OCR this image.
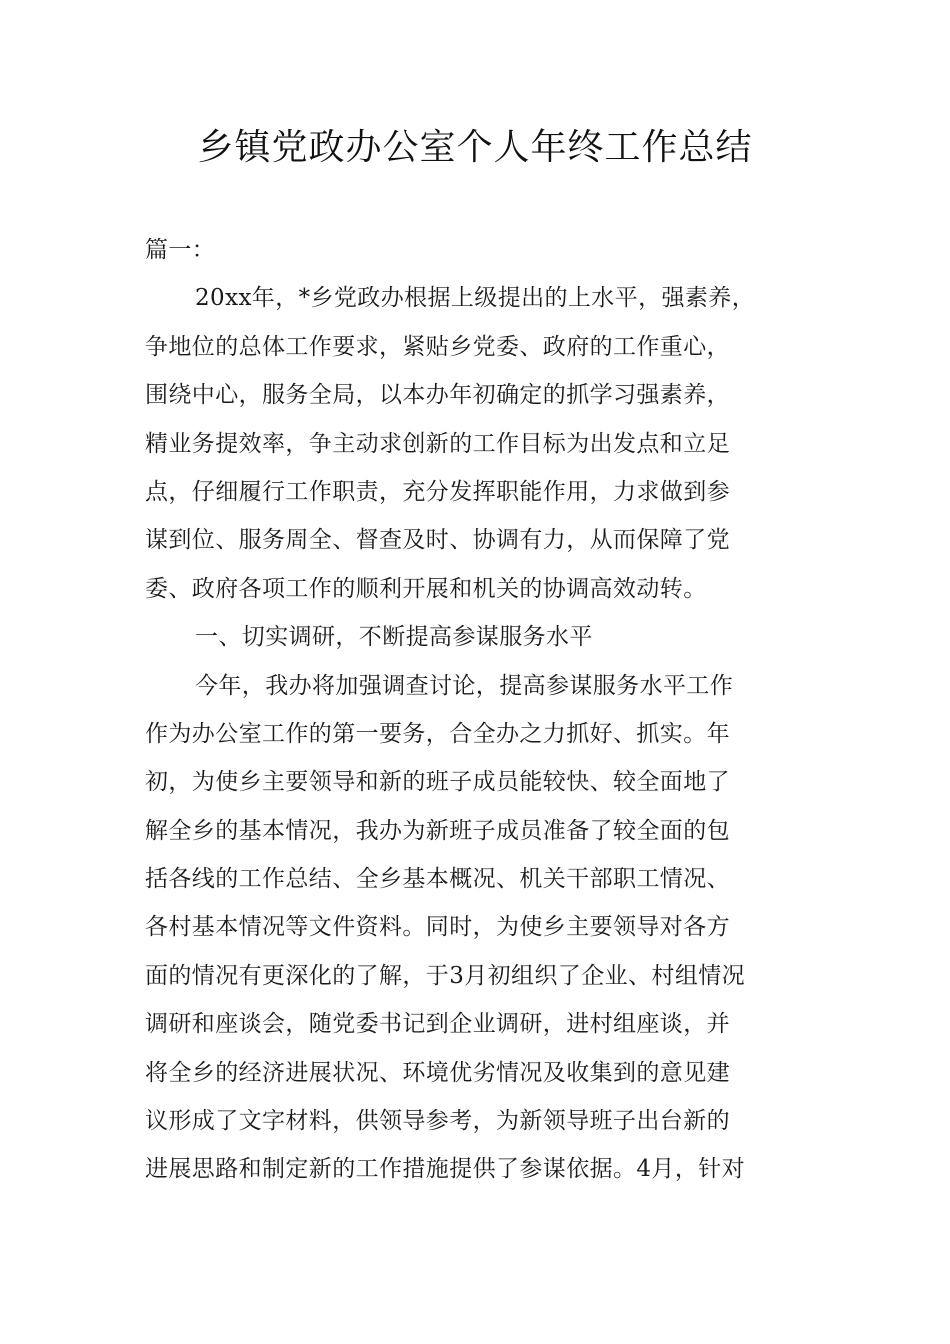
乡镇党政办公室个人年终工作总结
篇一：
20xx年，*乡党政办根据上级提出的上水平，强素养，
争地位的总体工作要求，紧贴乡党委、政府的工作重心，
围绕中心，服务全局，以本办年初确定的抓学习强素养，
精业务提效率，争主动求创新的工作目标为出发点和立足
点，仔细履行工作职责，充分发挥职能作用，力求做到参
谋到位、服务周全、督查及时、协调有力，从而保障了党
委、政府各项工作的顺利开展和机关的协调高效动转。
一、切实调研，不断提高参谋服务水平
今年，我办将加强调查讨论，提高参谋服务水平工作
作为办公室工作的第一要务，合全办之力抓好、抓实。年
初，为使乡主要领导和新的班子成员能较快、较全面地了
解全乡的基本情况，我办为新班子成员准备了较全面的包
括各线的工作总结、全乡基本概况、机关干部职工情况、
各村基本情况等文件资料。同时，为使乡主要领导对各方
面的情况有更深化的了解，于3月初组织了企业、村组情况
调研和座谈会，随党委书记到企业调研，进村组座谈，并
将全乡的经济进展状况、环境优劣情况及收集到的意见建
议形成了文字材料，供领导参考，为新领导班子出台新的
进展思路和制定新的工作措施提供了参谋依据。4月，针对
